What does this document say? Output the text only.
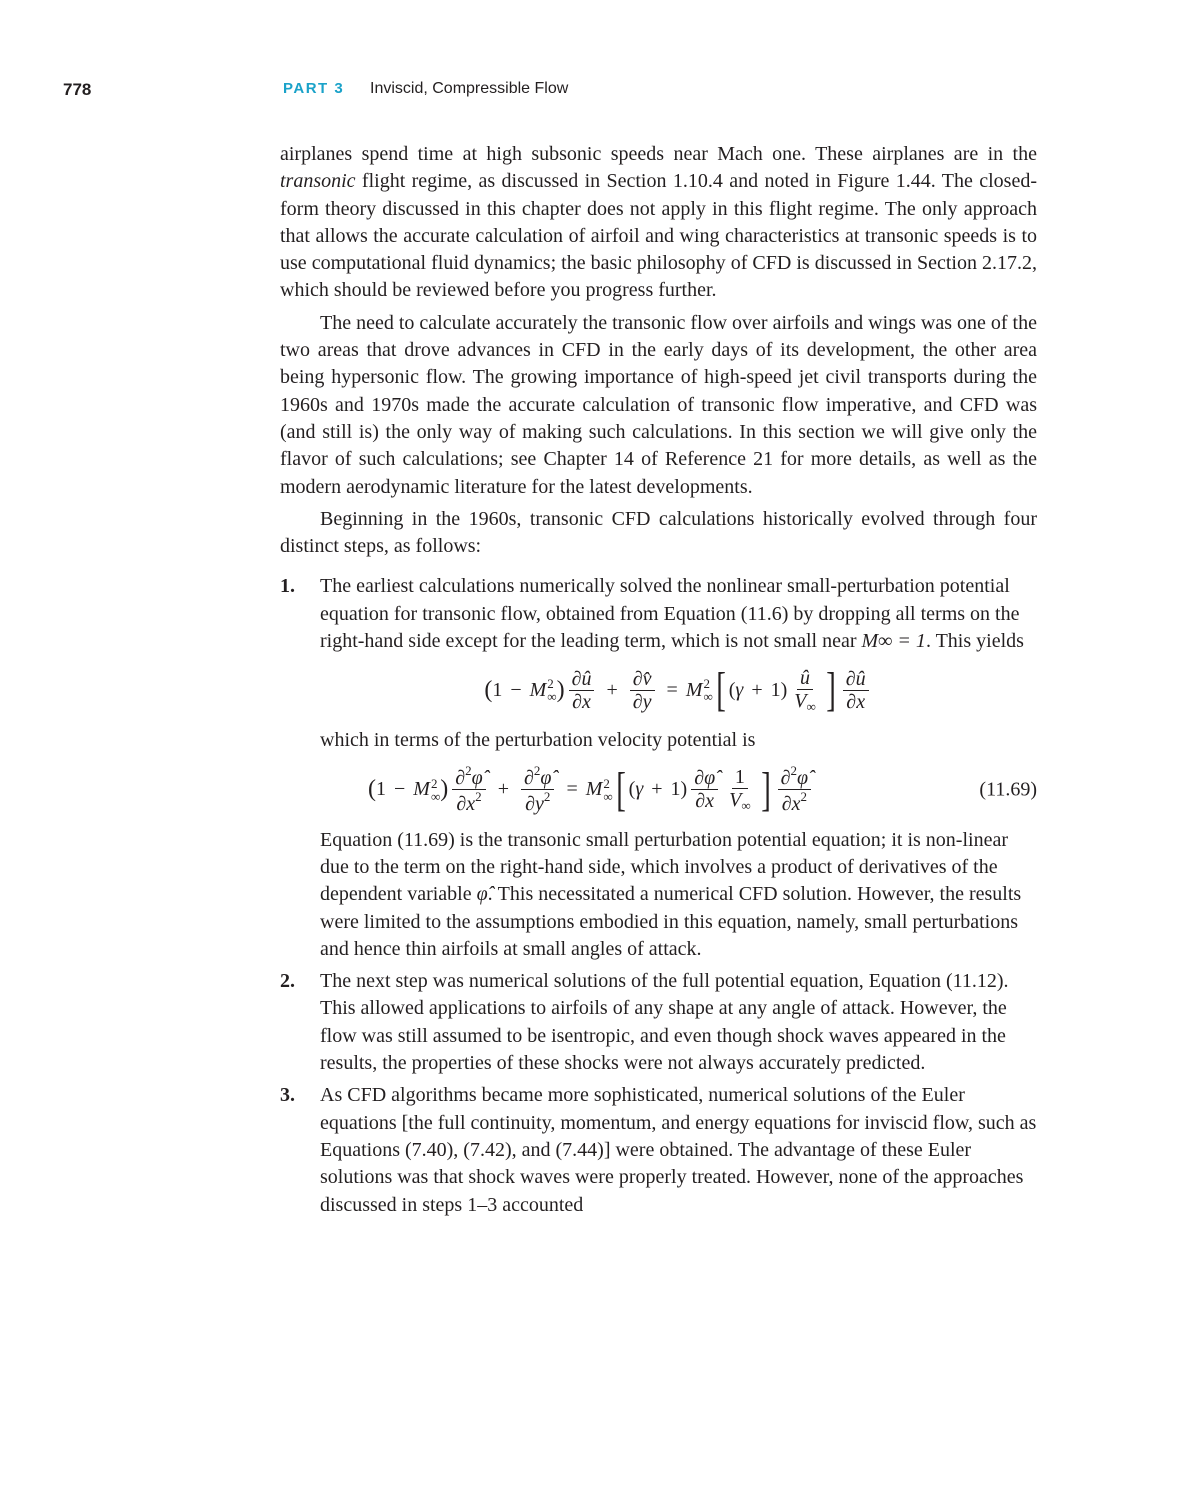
778	PART 3 Inviscid, Compressible Flow

airplanes spend time at high subsonic speeds near Mach one. These airplanes are in the transonic flight regime, as discussed in Section 1.10.4 and noted in Figure 1.44. The closed-form theory discussed in this chapter does not apply in this flight regime. The only approach that allows the accurate calculation of airfoil and wing characteristics at transonic speeds is to use computational fluid dynamics; the basic philosophy of CFD is discussed in Section 2.17.2, which should be reviewed before you progress further.

The need to calculate accurately the transonic flow over airfoils and wings was one of the two areas that drove advances in CFD in the early days of its development, the other area being hypersonic flow. The growing importance of high-speed jet civil transports during the 1960s and 1970s made the accurate calculation of transonic flow imperative, and CFD was (and still is) the only way of making such calculations. In this section we will give only the flavor of such calculations; see Chapter 14 of Reference 21 for more details, as well as the modern aerodynamic literature for the latest developments.

Beginning in the 1960s, transonic CFD calculations historically evolved through four distinct steps, as follows:

1. The earliest calculations numerically solved the nonlinear small-perturbation potential equation for transonic flow, obtained from Equation (11.6) by dropping all terms on the right-hand side except for the leading term, which is not small near M∞ = 1. This yields

( 1 − M 2
∞ ) $\frac{\partial û}{\partial x} + \frac{\partial v̂}{\partial y} = M$ 2
∞ [ ( γ + 1 ) $\frac{û}{V_\infty}$ ] $\frac{\partial û}{\partial x}$

which in terms of the perturbation velocity potential is

( 1 − M 2
∞ ) $\frac{\partial^2\varphî}{\partial x^2} + \frac{\partial^2\varphî}{\partial y^2} = M$ 2
∞ [ ( γ + 1 ) $\frac{\partial\varphî}{\partial x} \frac{1}{V_\infty}$ ] $\frac{\partial^2\varphî}{\partial x^2}$	(11.69)

Equation (11.69) is the transonic small perturbation potential equation; it is non-linear due to the term on the right-hand side, which involves a product of derivatives of the dependent variable φ̂. This necessitated a numerical CFD solution. However, the results were limited to the assumptions embodied in this equation, namely, small perturbations and hence thin airfoils at small angles of attack.

2. The next step was numerical solutions of the full potential equation, Equation (11.12). This allowed applications to airfoils of any shape at any angle of attack. However, the flow was still assumed to be isentropic, and even though shock waves appeared in the results, the properties of these shocks were not always accurately predicted.

3. As CFD algorithms became more sophisticated, numerical solutions of the Euler equations [the full continuity, momentum, and energy equations for inviscid flow, such as Equations (7.40), (7.42), and (7.44)] were obtained. The advantage of these Euler solutions was that shock waves were properly treated. However, none of the approaches discussed in steps 1–3 accounted
